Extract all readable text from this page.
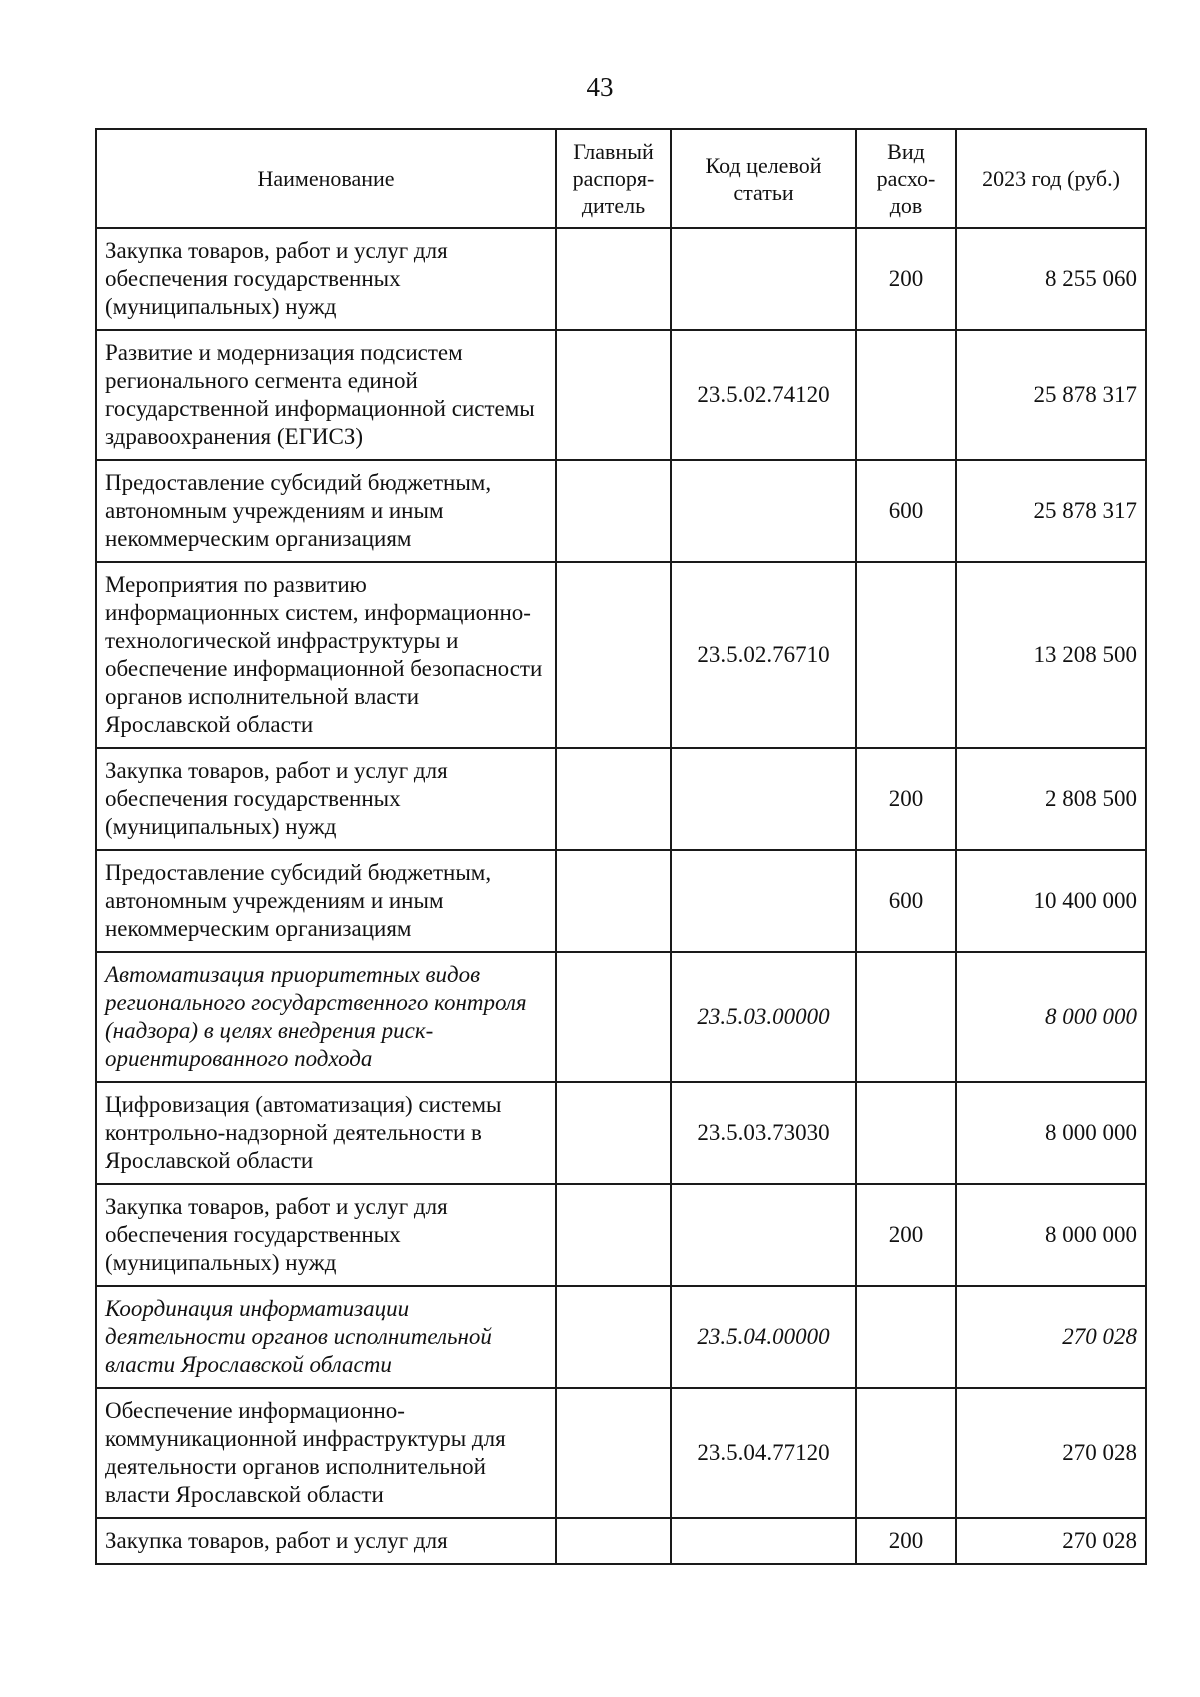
43
Наименование	Главный распоря-дитель	Код целевой статьи	Вид расхо-дов	2023 год (руб.)
Закупка товаров, работ и услуг для обеспечения государственных (муниципальных) нужд			200	8 255 060
Развитие и модернизация подсистем регионального сегмента единой государственной информационной системы здравоохранения (ЕГИСЗ)		23.5.02.74120		25 878 317
Предоставление субсидий бюджетным, автономным учреждениям и иным некоммерческим организациям			600	25 878 317
Мероприятия по развитию информационных систем, информационно-технологической инфраструктуры и обеспечение информационной безопасности органов исполнительной власти Ярославской области		23.5.02.76710		13 208 500
Закупка товаров, работ и услуг для обеспечения государственных (муниципальных) нужд			200	2 808 500
Предоставление субсидий бюджетным, автономным учреждениям и иным некоммерческим организациям			600	10 400 000
Автоматизация приоритетных видов регионального государственного контроля (надзора) в целях внедрения риск-ориентированного подхода		23.5.03.00000		8 000 000
Цифровизация (автоматизация) системы контрольно-надзорной деятельности в Ярославской области		23.5.03.73030		8 000 000
Закупка товаров, работ и услуг для обеспечения государственных (муниципальных) нужд			200	8 000 000
Координация информатизации деятельности органов исполнительной власти Ярославской области		23.5.04.00000		270 028
Обеспечение информационно-коммуникационной инфраструктуры для деятельности органов исполнительной власти Ярославской области		23.5.04.77120		270 028
Закупка товаров, работ и услуг для			200	270 028
